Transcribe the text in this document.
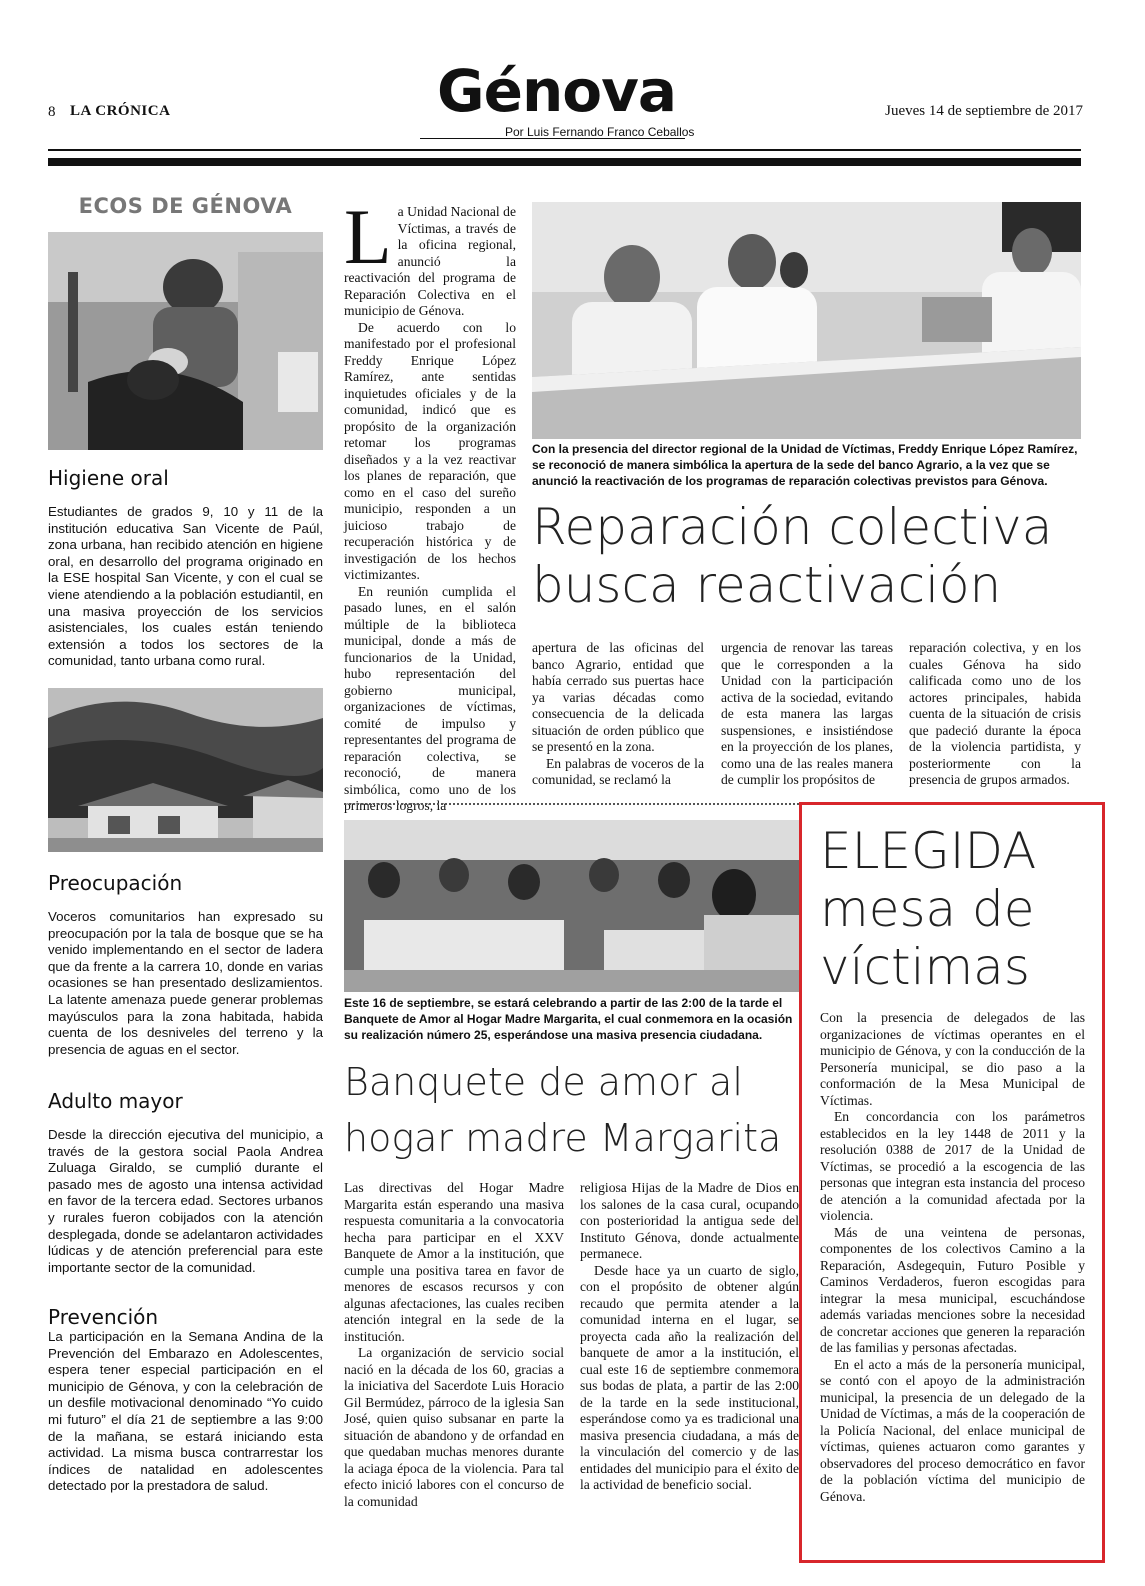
8 LA CRÓNICA	Génova
Por Luis Fernando Franco Ceballos
Jueves 14 de septiembre de 2017
ECOS DE GÉNOVA
Higiene oral
Estudiantes de grados 9, 10 y 11 de la institución educativa San Vicente de Paúl, zona urbana, han recibido atención en higiene oral, en desarrollo del programa originado en la ESE hospital San Vicente, y con el cual se viene atendiendo a la población estudiantil, en una masiva proyección de los servicios asistenciales, los cuales están teniendo extensión a todos los sectores de la comunidad, tanto urbana como rural.
Preocupación
Voceros comunitarios han expresado su preocupación por la tala de bosque que se ha venido implementando en el sector de ladera que da frente a la carrera 10, donde en varias ocasiones se han presentado deslizamientos. La latente amenaza puede generar problemas mayúsculos para la zona habitada, habida cuenta de los desniveles del terreno y la presencia de aguas en el sector.
Adulto mayor
Desde la dirección ejecutiva del municipio, a través de la gestora social Paola Andrea Zuluaga Giraldo, se cumplió durante el pasado mes de agosto una intensa actividad en favor de la tercera edad. Sectores urbanos y rurales fueron cobijados con la atención desplegada, donde se adelantaron actividades lúdicas y de atención preferencial para este importante sector de la comunidad.
Prevención
La participación en la Semana Andina de la Prevención del Embarazo en Adolescentes, espera tener especial participación en el municipio de Génova, y con la celebración de un desfile motivacional denominado “Yo cuido mi futuro” el día 21 de septiembre a las 9:00 de la mañana, se estará iniciando esta actividad. La misma busca contrarrestar los índices de natalidad en adolescentes detectado por la prestadora de salud.

La Unidad Nacional de Víctimas, a través de la oficina regional, anunció la reactivación del programa de Reparación Colectiva en el municipio de Génova.

De acuerdo con lo manifestado por el profesional Freddy Enrique López Ramírez, ante sentidas inquietudes oficiales y de la comunidad, indicó que es propósito de la organización retomar los programas diseñados y a la vez reactivar los planes de reparación, que como en el caso del sureño municipio, responden a un juicioso trabajo de recuperación histórica y de investigación de los hechos victimizantes.

En reunión cumplida el pasado lunes, en el salón múltiple de la biblioteca municipal, donde a más de funcionarios de la Unidad, hubo representación del gobierno municipal, organizaciones de víctimas, comité de impulso y representantes del programa de reparación colectiva, se reconoció, de manera simbólica, como uno de los primeros logros, la

Con la presencia del director regional de la Unidad de Víctimas, Freddy Enrique López Ramírez, se reconoció de manera simbólica la apertura de la sede del banco Agrario, a la vez que se anunció la reactivación de los programas de reparación colectivas previstos para Génova.
Reparación colectiva busca reactivación

apertura de las oficinas del banco Agrario, entidad que había cerrado sus puertas hace ya varias décadas como consecuencia de la delicada situación de orden público que se presentó en la zona.

En palabras de voceros de la comunidad, se reclamó la

urgencia de renovar las tareas que le corresponden a la Unidad con la participación activa de la sociedad, evitando de esta manera las largas suspensiones, e insistiéndose en la proyección de los planes, como una de las reales manera de cumplir los propósitos de

reparación colectiva, y en los cuales Génova ha sido calificada como uno de los actores principales, habida cuenta de la situación de crisis que padeció durante la época de la violencia partidista, y posteriormente con la presencia de grupos armados.

Este 16 de septiembre, se estará celebrando a partir de las 2:00 de la tarde el Banquete de Amor al Hogar Madre Margarita, el cual conmemora en la ocasión su realización número 25, esperándose una masiva presencia ciudadana.
Banquete de amor al hogar madre Margarita

Las directivas del Hogar Madre Margarita están esperando una masiva respuesta comunitaria a la convocatoria hecha para participar en el XXV Banquete de Amor a la institución, que cumple una positiva tarea en favor de menores de escasos recursos y con algunas afectaciones, las cuales reciben atención integral en la sede de la institución.

La organización de servicio social nació en la década de los 60, gracias a la iniciativa del Sacerdote Luis Horacio Gil Bermúdez, párroco de la iglesia San José, quien quiso subsanar en parte la situación de abandono y de orfandad en que quedaban muchas menores durante la aciaga época de la violencia. Para tal efecto inició labores con el concurso de la comunidad

religiosa Hijas de la Madre de Dios en los salones de la casa cural, ocupando con posterioridad la antigua sede del Instituto Génova, donde actualmente permanece.

Desde hace ya un cuarto de siglo, con el propósito de obtener algún recaudo que permita atender a la comunidad interna en el lugar, se proyecta cada año la realización del banquete de amor a la institución, el cual este 16 de septiembre conmemora sus bodas de plata, a partir de las 2:00 de la tarde en la sede institucional, esperándose como ya es tradicional una masiva presencia ciudadana, a más de la vinculación del comercio y de las entidades del municipio para el éxito de la actividad de beneficio social.

ELEGIDA
mesa de
víctimas

Con la presencia de delegados de las organizaciones de víctimas operantes en el municipio de Génova, y con la conducción de la Personería municipal, se dio paso a la conformación de la Mesa Municipal de Víctimas.

En concordancia con los parámetros establecidos en la ley 1448 de 2011 y la resolución 0388 de 2017 de la Unidad de Víctimas, se procedió a la escogencia de las personas que integran esta instancia del proceso de atención a la comunidad afectada por la violencia.

Más de una veintena de personas, componentes de los colectivos Camino a la Reparación, Asdegequin, Futuro Posible y Caminos Verdaderos, fueron escogidas para integrar la mesa municipal, escuchándose además variadas menciones sobre la necesidad de concretar acciones que generen la reparación de las familias y personas afectadas.

En el acto a más de la personería municipal, se contó con el apoyo de la administración municipal, la presencia de un delegado de la Unidad de Víctimas, a más de la cooperación de la Policía Nacional, del enlace municipal de víctimas, quienes actuaron como garantes y observadores del proceso democrático en favor de la población víctima del municipio de Génova.
